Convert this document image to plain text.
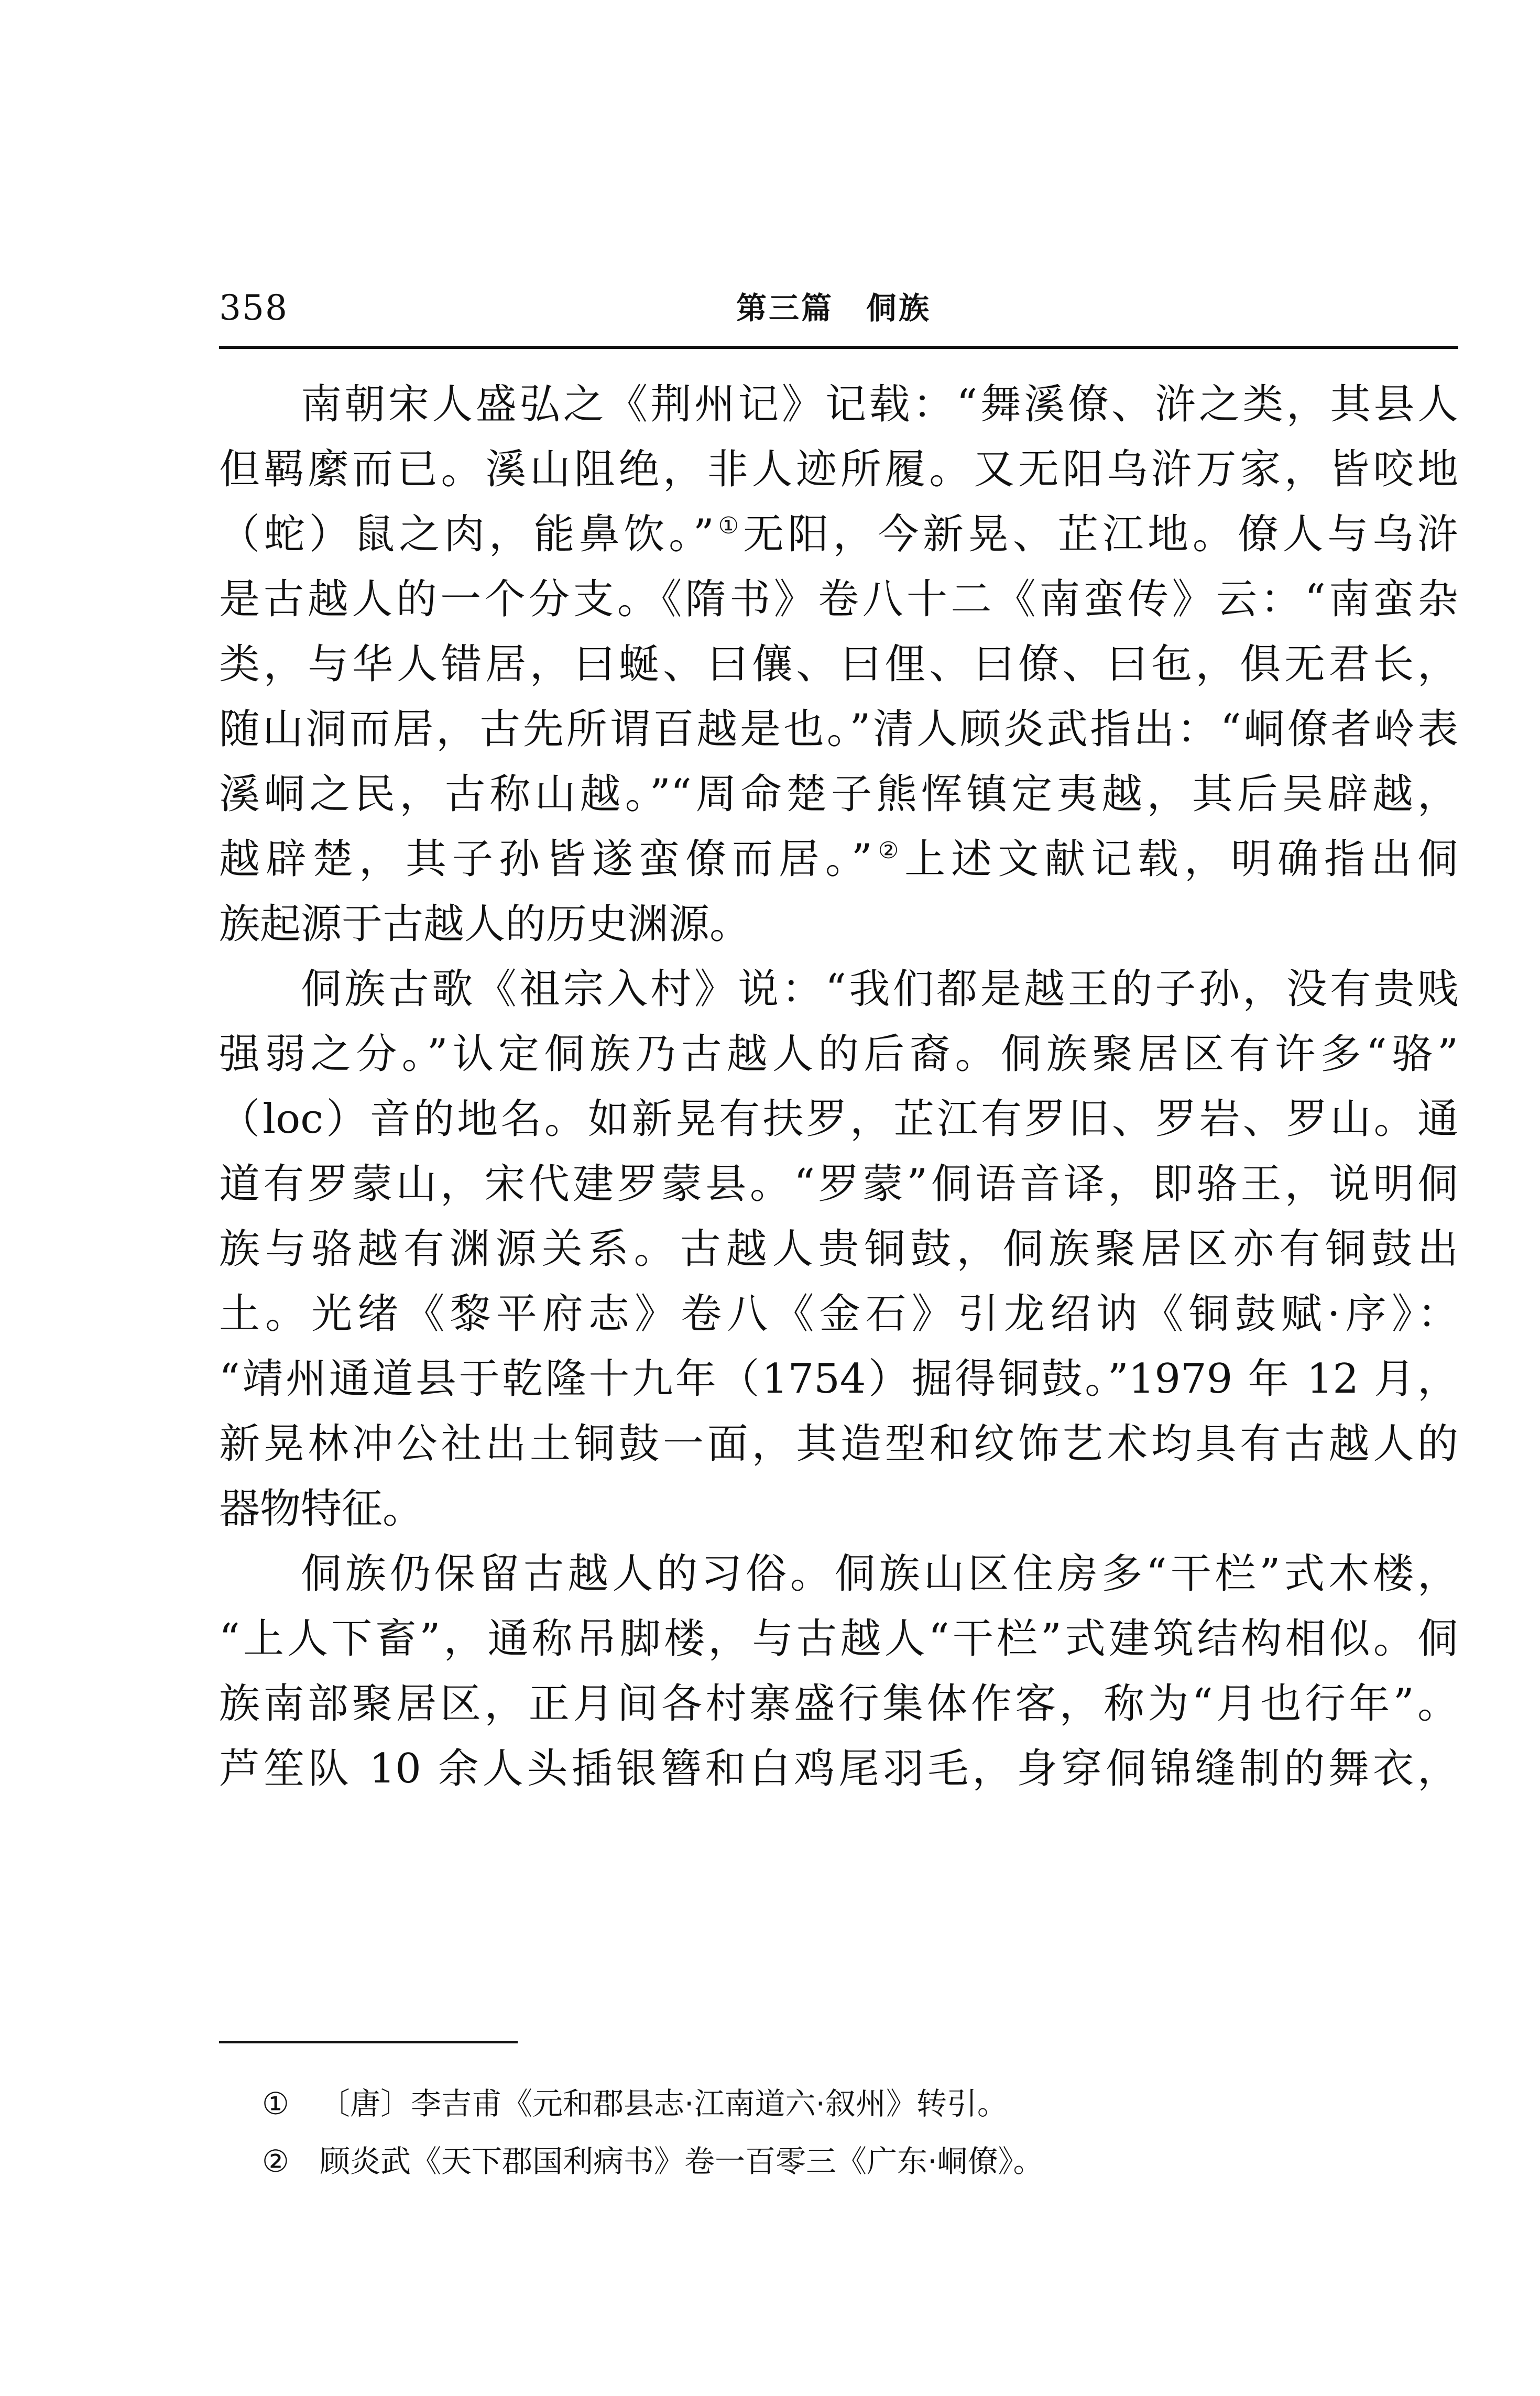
358	第三篇　侗族

南朝宋人盛弘之《荆州记》记载：“舞溪僚、浒之类，其县人
但羁縻而已。溪山阻绝，非人迹所履。又无阳乌浒万家，皆咬地
（蛇）鼠之肉，能鼻饮。”①无阳，今新晃、芷江地。僚人与乌浒
是古越人的一个分支。《隋书》卷八十二《南蛮传》云：“南蛮杂
类，与华人错居，曰蜒、曰儴、曰俚、曰僚、曰㐌，俱无君长，
随山洞而居，古先所谓百越是也。”清人顾炎武指出：“峒僚者岭表
溪峒之民，古称山越。”“周命楚子熊恽镇定夷越，其后吴辟越，
越辟楚，其子孙皆遂蛮僚而居。”②上述文献记载，明确指出侗
族起源于古越人的历史渊源。

侗族古歌《祖宗入村》说：“我们都是越王的子孙，没有贵贱
强弱之分。”认定侗族乃古越人的后裔。侗族聚居区有许多“骆”
（loc）音的地名。如新晃有扶罗，芷江有罗旧、罗岩、罗山。通
道有罗蒙山，宋代建罗蒙县。“罗蒙”侗语音译，即骆王，说明侗
族与骆越有渊源关系。古越人贵铜鼓，侗族聚居区亦有铜鼓出
土。光绪《黎平府志》卷八《金石》引龙绍讷《铜鼓赋·序》：
“靖州通道县于乾隆十九年（1754）掘得铜鼓。”1979 年 12 月，
新晃林冲公社出土铜鼓一面，其造型和纹饰艺术均具有古越人的
器物特征。

侗族仍保留古越人的习俗。侗族山区住房多“干栏”式木楼，
“上人下畜”，通称吊脚楼，与古越人“干栏”式建筑结构相似。侗
族南部聚居区，正月间各村寨盛行集体作客，称为“月也行年”。
芦笙队 10 余人头插银簪和白鸡尾羽毛，身穿侗锦缝制的舞衣，

① 〔唐〕李吉甫《元和郡县志·江南道六·叙州》转引。
② 顾炎武《天下郡国利病书》卷一百零三《广东·峒僚》。
